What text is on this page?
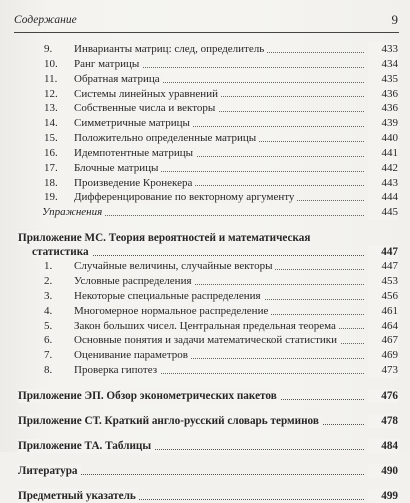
Содержание	9
9.	Инварианты матриц: след, определитель	433
10.	Ранг матрицы	434
11.	Обратная матрица	435
12.	Системы линейных уравнений	436
13.	Собственные числа и векторы	436
14.	Симметричные матрицы	439
15.	Положительно определенные матрицы	440
16.	Идемпотентные матрицы	441
17.	Блочные матрицы	442
18.	Произведение Кронекера	443
19.	Дифференцирование по векторному аргументу	444
Упражнения	445
Приложение МС. Теория вероятностей и математическая
статистика	447
1.	Случайные величины, случайные векторы	447
2.	Условные распределения	453
3.	Некоторые специальные распределения	456
4.	Многомерное нормальное распределение	461
5.	Закон больших чисел. Центральная предельная теорема	464
6.	Основные понятия и задачи математической статистики	467
7.	Оценивание параметров	469
8.	Проверка гипотез	473
Приложение ЭП. Обзор эконометрических пакетов	476
Приложение СТ. Краткий англо-русский словарь терминов	478
Приложение ТА. Таблицы	484
Литература	490
Предметный указатель	499
